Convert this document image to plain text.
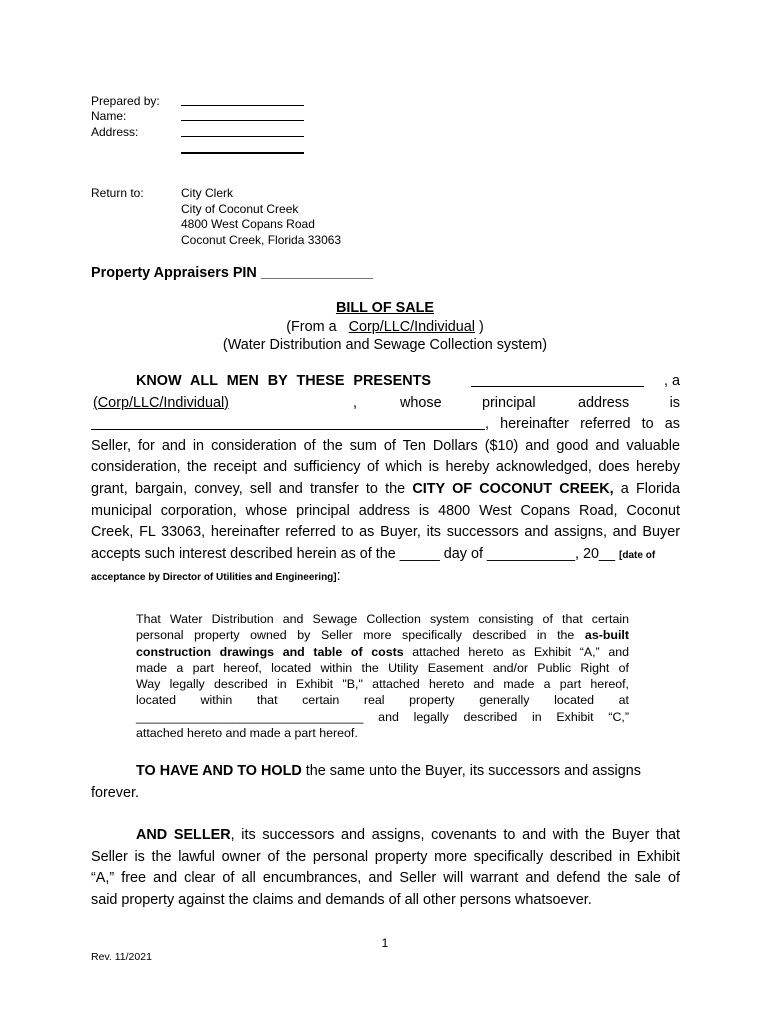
Prepared by:
Name:
Address:
Return to:	City Clerk
City of Coconut Creek
4800 West Copans Road
Coconut Creek, Florida 33063
Property Appraisers PIN ______________
BILL OF SALE
(From a Corp/LLC/Individual )
(Water Distribution and Sewage Collection system)
KNOW ALL MEN BY THESE PRESENTS	, a
(Corp/LLC/Individual)	,	whose	principal	address	is
, hereinafter referred to as
Seller, for and in consideration of the sum of Ten Dollars ($10) and good and valuable
consideration, the receipt and sufficiency of which is hereby acknowledged, does hereby
grant, bargain, convey, sell and transfer to the CITY OF COCONUT CREEK, a Florida
municipal corporation, whose principal address is 4800 West Copans Road, Coconut
Creek, FL 33063, hereinafter referred to as Buyer, its successors and assigns, and Buyer
accepts such interest described herein as of the _____ day of ___________, 20__ [date of
acceptance by Director of Utilities and Engineering]:
That Water Distribution and Sewage Collection system consisting of that certain
personal property owned by Seller more specifically described in the as-built
construction drawings and table of costs attached hereto as Exhibit “A,” and
made a part hereof, located within the Utility Easement and/or Public Right of
Way legally described in Exhibit "B," attached hereto and made a part hereof,
located within that certain real property generally located at
_________________________________ and legally described in Exhibit “C,”
attached hereto and made a part hereof.
TO HAVE AND TO HOLD the same unto the Buyer, its successors and assigns
forever.
AND SELLER, its successors and assigns, covenants to and with the Buyer that
Seller is the lawful owner of the personal property more specifically described in Exhibit
“A,” free and clear of all encumbrances, and Seller will warrant and defend the sale of
said property against the claims and demands of all other persons whatsoever.
1
Rev. 11/2021
